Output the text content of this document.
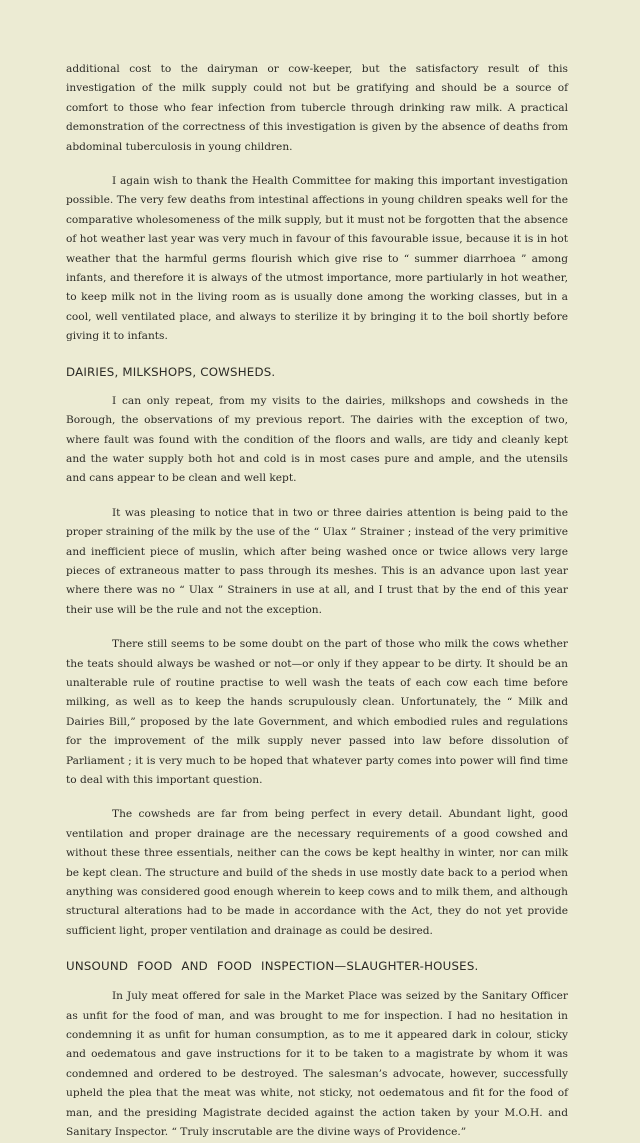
additional cost to the dairyman or cow-keeper, but the satisfactory result of this investigation of the milk supply could not but be gratifying and should be a source of comfort to those who fear infection from tubercle through drinking raw milk. A practical demonstration of the correctness of this investigation is given by the absence of deaths from abdominal tuberculosis in young children.

I again wish to thank the Health Committee for making this important investigation possible. The very few deaths from intestinal affections in young children speaks well for the comparative wholesomeness of the milk supply, but it must not be forgotten that the absence of hot weather last year was very much in favour of this favourable issue, because it is in hot weather that the harmful germs flourish which give rise to “ summer diarrhoea ” among infants, and therefore it is always of the utmost importance, more partiularly in hot weather, to keep milk not in the living room as is usually done among the working classes, but in a cool, well ventilated place, and always to sterilize it by bringing it to the boil shortly before giving it to infants.

DAIRIES, MILKSHOPS, COWSHEDS.

I can only repeat, from my visits to the dairies, milkshops and cowsheds in the Borough, the observations of my previous report. The dairies with the exception of two, where fault was found with the condition of the floors and walls, are tidy and cleanly kept and the water supply both hot and cold is in most cases pure and ample, and the utensils and cans appear to be clean and well kept.

It was pleasing to notice that in two or three dairies attention is being paid to the proper straining of the milk by the use of the “ Ulax ” Strainer ; instead of the very primitive and inefficient piece of muslin, which after being washed once or twice allows very large pieces of extraneous matter to pass through its meshes. This is an advance upon last year where there was no “ Ulax ” Strainers in use at all, and I trust that by the end of this year their use will be the rule and not the exception.

There still seems to be some doubt on the part of those who milk the cows whether the teats should always be washed or not—or only if they appear to be dirty. It should be an unalterable rule of routine practise to well wash the teats of each cow each time before milking, as well as to keep the hands scrupulously clean. Unfortunately, the “ Milk and Dairies Bill,” proposed by the late Government, and which embodied rules and regulations for the improvement of the milk supply never passed into law before dissolution of Parliament ; it is very much to be hoped that whatever party comes into power will find time to deal with this important question.

The cowsheds are far from being perfect in every detail. Abundant light, good ventilation and proper drainage are the necessary requirements of a good cowshed and without these three essentials, neither can the cows be kept healthy in winter, nor can milk be kept clean. The structure and build of the sheds in use mostly date back to a period when anything was considered good enough wherein to keep cows and to milk them, and although structural alterations had to be made in accordance with the Act, they do not yet provide sufficient light, proper ventilation and drainage as could be desired.

UNSOUND FOOD AND FOOD INSPECTION—SLAUGHTER-HOUSES.

In July meat offered for sale in the Market Place was seized by the Sanitary Officer as unfit for the food of man, and was brought to me for inspection. I had no hesitation in condemning it as unfit for human consumption, as to me it appeared dark in colour, sticky and oedematous and gave instructions for it to be taken to a magistrate by whom it was condemned and ordered to be destroyed. The salesman’s advocate, however, successfully upheld the plea that the meat was white, not sticky, not oedematous and fit for the food of man, and the presiding Magistrate decided against the action taken by your M.O.H. and Sanitary Inspector. “ Truly inscrutable are the divine ways of Providence.”
